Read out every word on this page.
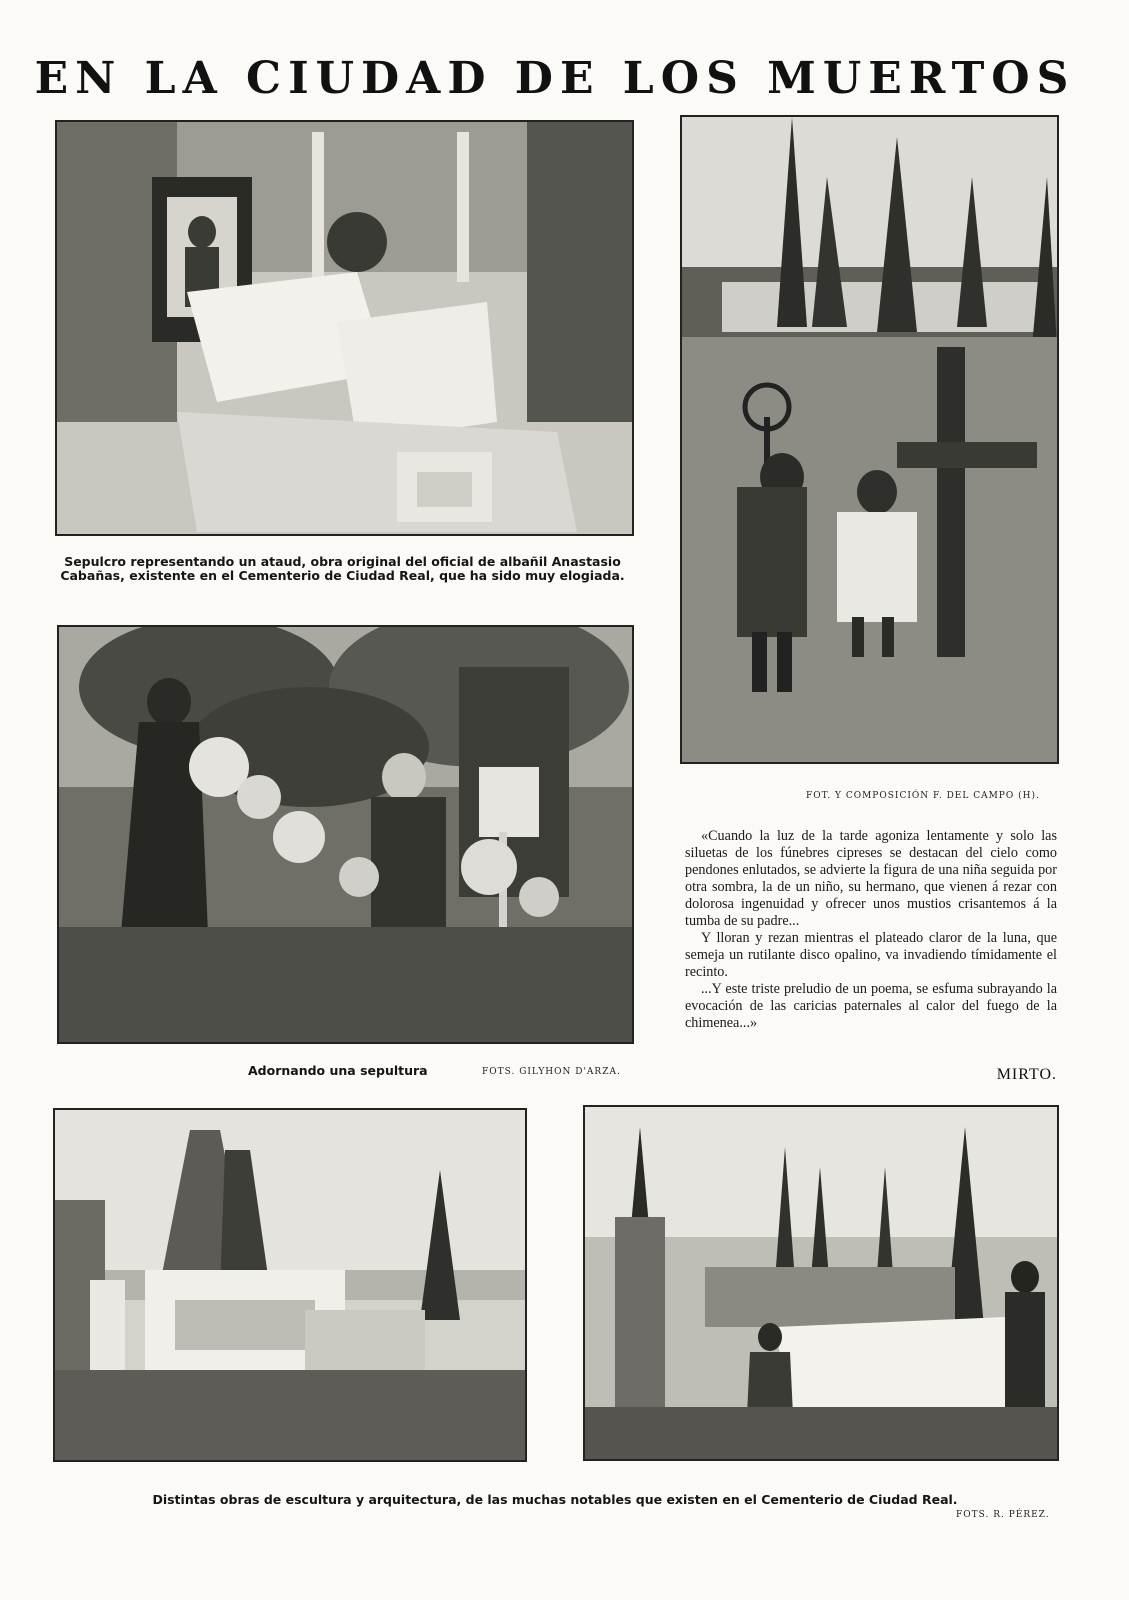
EN LA CIUDAD DE LOS MUERTOS
Sepulcro representando un ataud, obra original del oficial de albañil Anastasio Cabañas, existente en el Cementerio de Ciudad Real, que ha sido muy elogiada.
FOT. Y COMPOSICIÓN F. DEL CAMPO (H).
Adornando una sepultura	FOTS. GILYHON D'ARZA.

«Cuando la luz de la tarde agoniza lentamente y solo las siluetas de los fúnebres cipreses se destacan del cielo como pendones enlutados, se advierte la figura de una niña seguida por otra sombra, la de un niño, su hermano, que vienen á rezar con dolorosa ingenuidad y ofrecer unos mustios crisantemos á la tumba de su padre...

Y lloran y rezan mientras el plateado claror de la luna, que semeja un rutilante disco opalino, va invadiendo tímidamente el recinto.

...Y este triste preludio de un poema, se esfuma subrayando la evocación de las caricias paternales al calor del fuego de la chimenea...»

MIRTO.
Distintas obras de escultura y arquitectura, de las muchas notables que existen en el Cementerio de Ciudad Real.
FOTS. R. PÉREZ.
